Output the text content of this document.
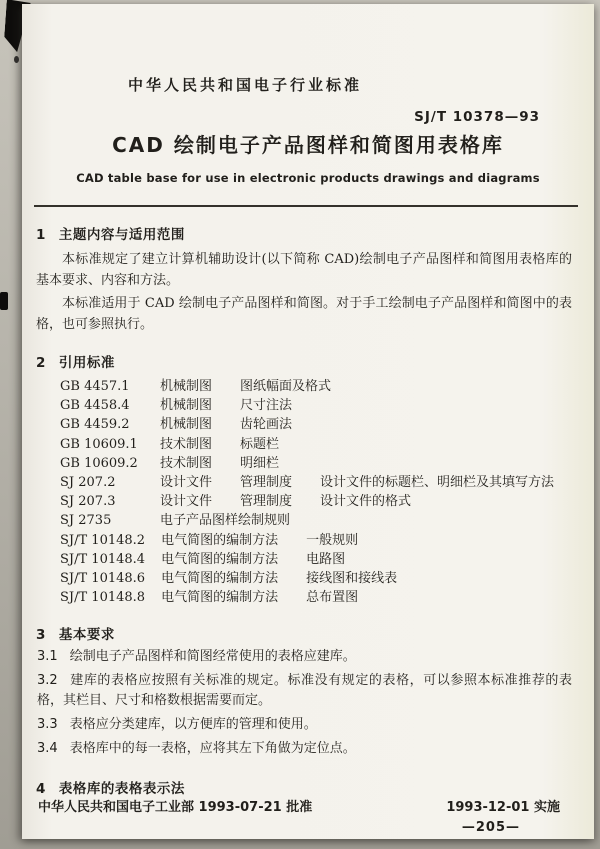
中华人民共和国电子行业标准
SJ/T 10378—93
CAD 绘制电子产品图样和简图用表格库
CAD table base for use in electronic products drawings and diagrams
1 主题内容与适用范围

本标准规定了建立计算机辅助设计(以下简称 CAD)绘制电子产品图样和简图用表格库的基本要求、内容和方法。

本标准适用于 CAD 绘制电子产品图样和简图。对于手工绘制电子产品图样和简图中的表格，也可参照执行。

2 引用标准
GB 4457.1	机械制图 图纸幅面及格式
GB 4458.4	机械制图 尺寸注法
GB 4459.2	机械制图 齿轮画法
GB 10609.1	技术制图 标题栏
GB 10609.2	技术制图 明细栏
SJ 207.2	设计文件 管理制度 设计文件的标题栏、明细栏及其填写方法
SJ 207.3	设计文件 管理制度 设计文件的格式
SJ 2735	电子产品图样绘制规则
SJ/T 10148.2 电气简图的编制方法 一般规则
SJ/T 10148.4 电气简图的编制方法 电路图
SJ/T 10148.6 电气简图的编制方法 接线图和接线表
SJ/T 10148.8 电气简图的编制方法 总布置图
3 基本要求

3.1 绘制电子产品图样和简图经常使用的表格应建库。

3.2 建库的表格应按照有关标准的规定。标准没有规定的表格，可以参照本标准推荐的表格，其栏目、尺寸和格数根据需要而定。

3.3 表格应分类建库，以方便库的管理和使用。

3.4 表格库中的每一表格，应将其左下角做为定位点。

4 表格库的表格表示法
中华人民共和国电子工业部 1993-07-21 批准	1993-12-01 实施
—205—
